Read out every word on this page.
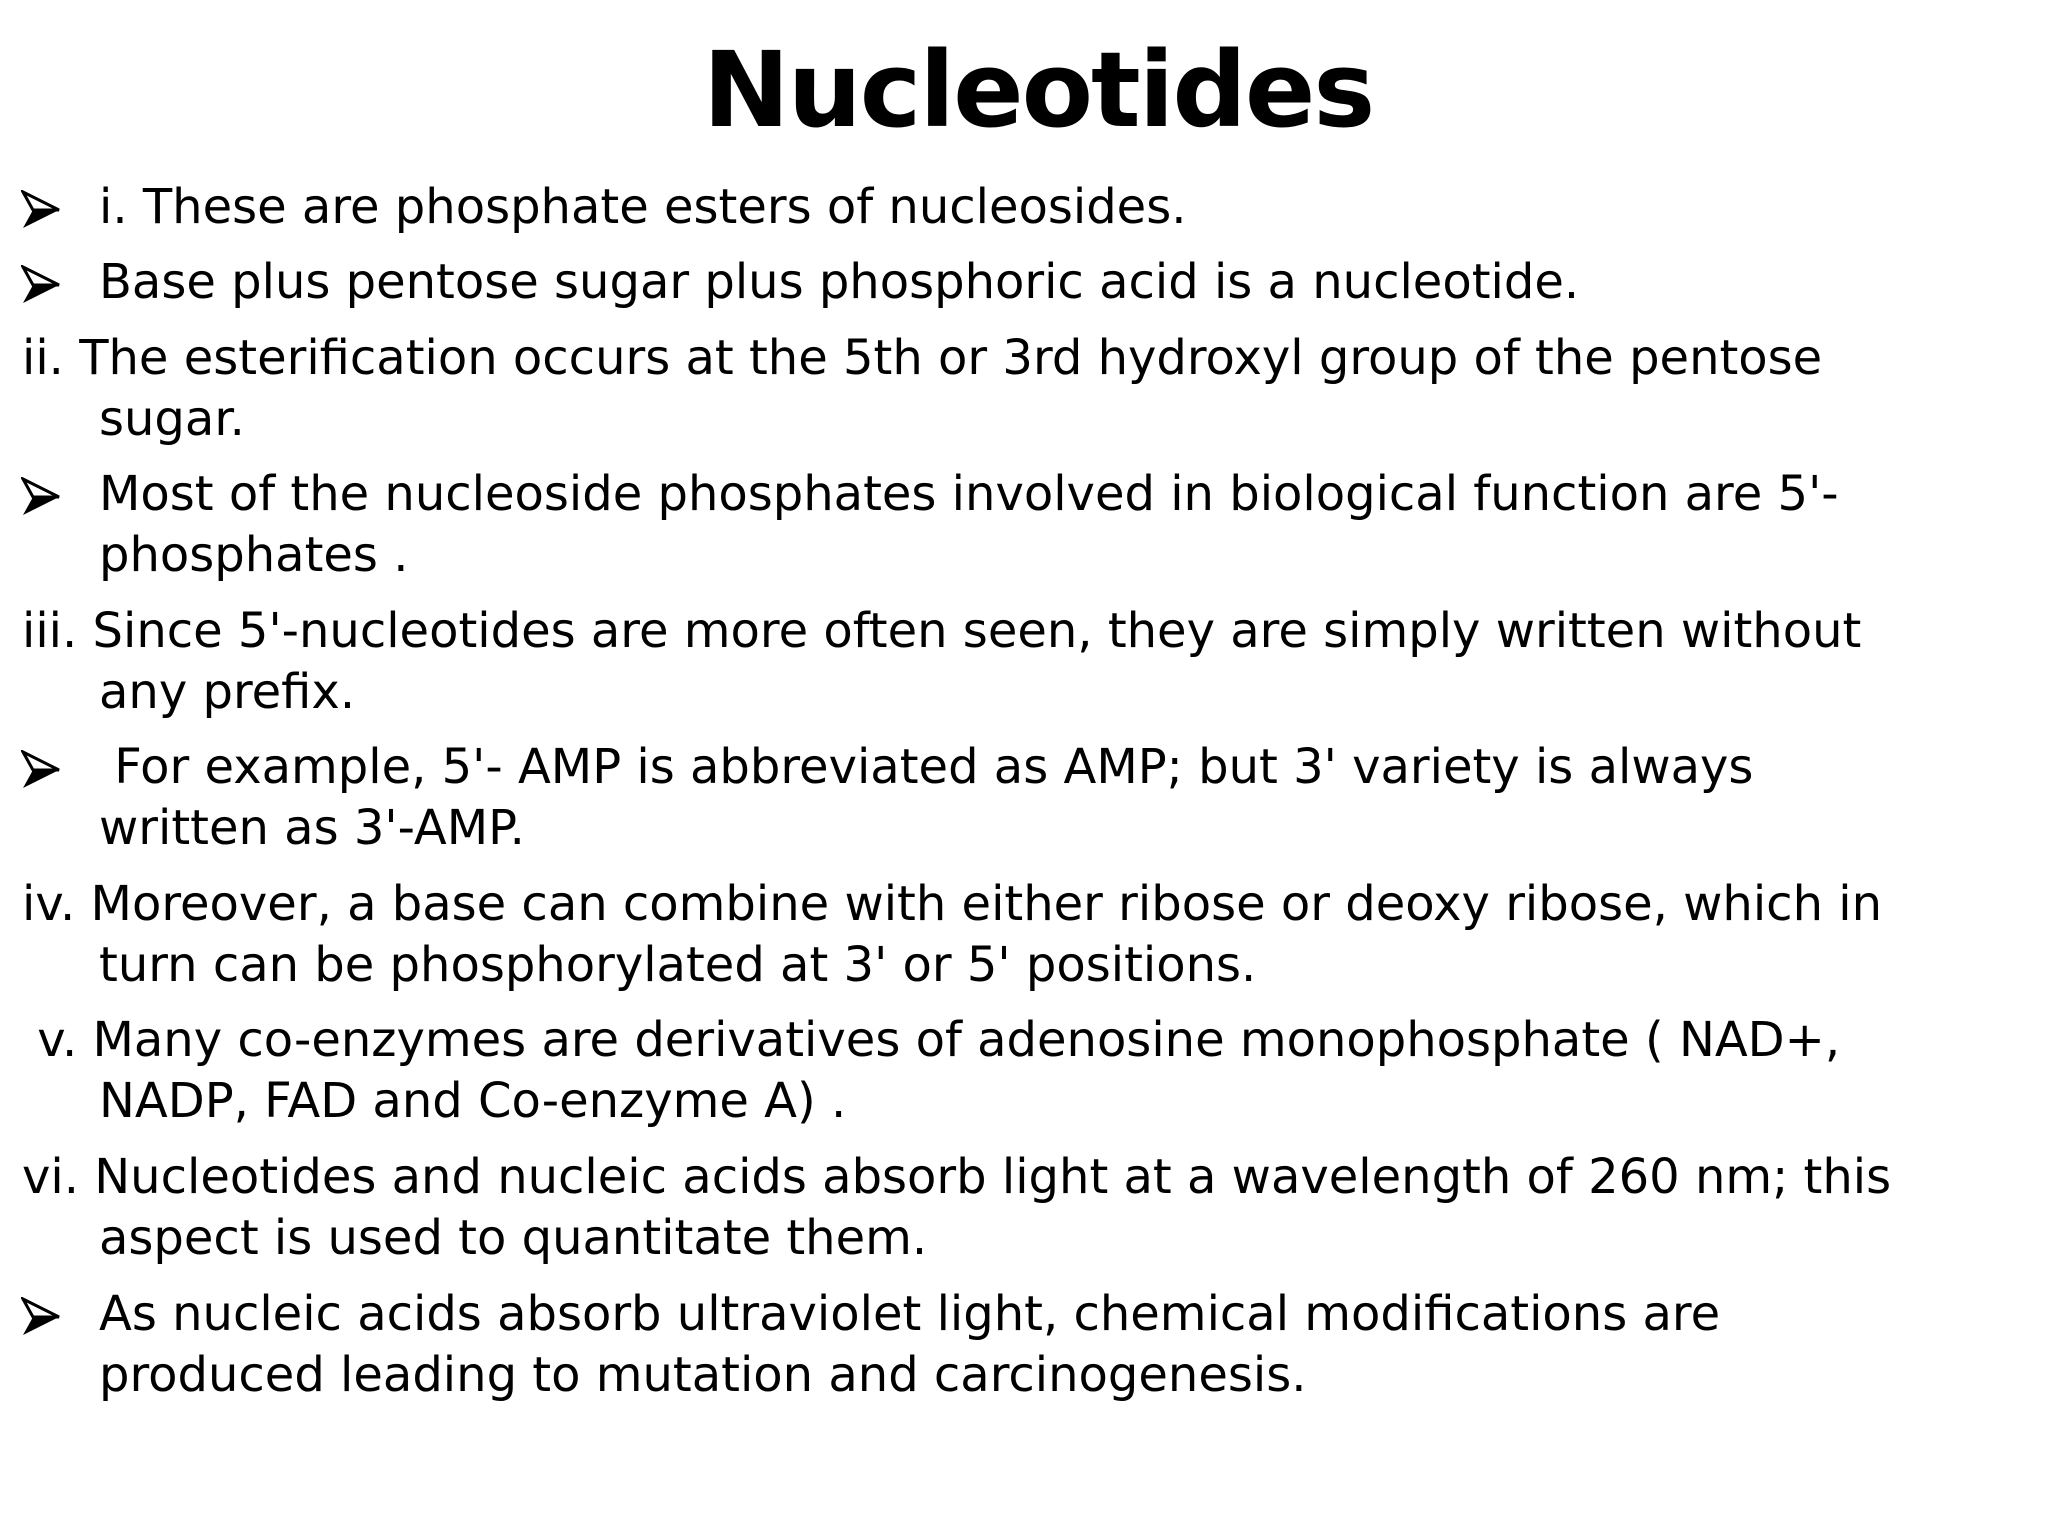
Nucleotides
i. These are phosphate esters of nucleosides.
Base plus pentose sugar plus phosphoric acid is a nucleotide.
ii. The esterification occurs at the 5th or 3rd hydroxyl group of the pentose
sugar.
Most of the nucleoside phosphates involved in biological function are 5'-
phosphates .
iii. Since 5'-nucleotides are more often seen, they are simply written without
any prefix.
For example, 5'- AMP is abbreviated as AMP; but 3' variety is always
written as 3'-AMP.
iv. Moreover, a base can combine with either ribose or deoxy ribose, which in
turn can be phosphorylated at 3' or 5' positions.
v. Many co-enzymes are derivatives of adenosine monophosphate ( NAD+,
NADP, FAD and Co-enzyme A) .
vi. Nucleotides and nucleic acids absorb light at a wavelength of 260 nm; this
aspect is used to quantitate them.
As nucleic acids absorb ultraviolet light, chemical modifications are
produced leading to mutation and carcinogenesis.
